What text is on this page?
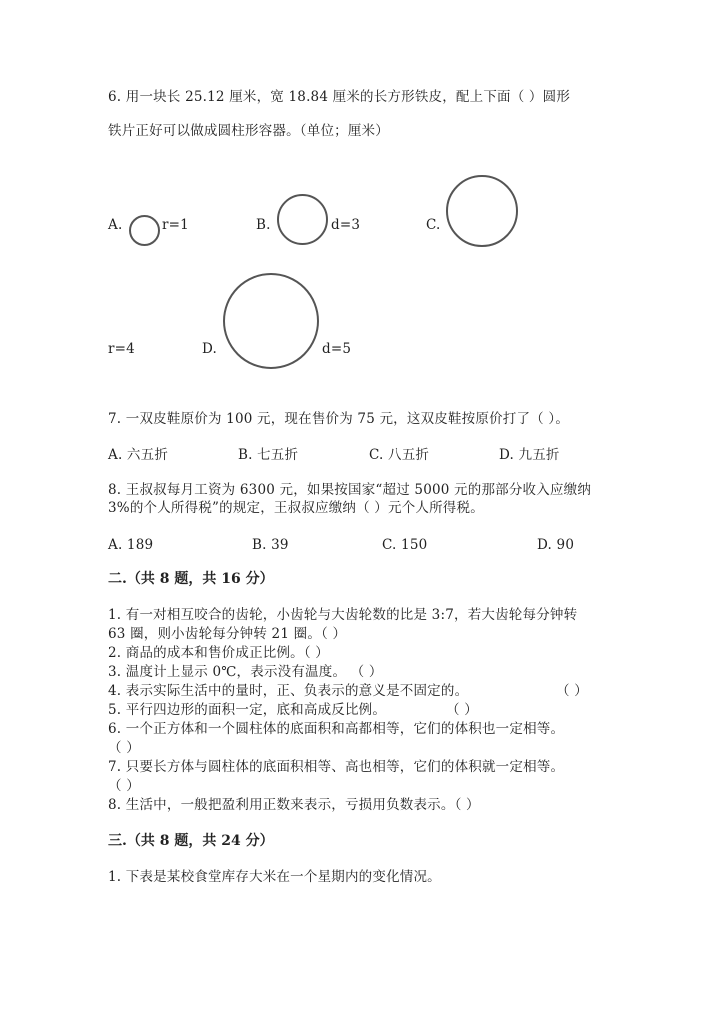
6. 用一块长 25.12 厘米，宽 18.84 厘米的长方形铁皮，配上下面（ ）圆形
铁片正好可以做成圆柱形容器。（单位；厘米）
A.	r=1	B.	d=3	C.
r=4	D.	d=5
7. 一双皮鞋原价为 100 元，现在售价为 75 元，这双皮鞋按原价打了（ ）。
A. 六五折	B. 七五折	C. 八五折	D. 九五折
8. 王叔叔每月工资为 6300 元，如果按国家“超过 5000 元的那部分收入应缴纳
3%的个人所得税”的规定，王叔叔应缴纳（ ）元个人所得税。
A. 189	B. 39	C. 150	D. 90
二.（共 8 题，共 16 分）
1. 有一对相互咬合的齿轮，小齿轮与大齿轮数的比是 3:7，若大齿轮每分钟转
63 圈，则小齿轮每分钟转 21 圈。（ ）
2. 商品的成本和售价成正比例。（ ）
3. 温度计上显示 0℃，表示没有温度。 （ ）
4. 表示实际生活中的量时，正、负表示的意义是不固定的。	（ ）
5. 平行四边形的面积一定，底和高成反比例。	（ ）
6. 一个正方体和一个圆柱体的底面积和高都相等，它们的体积也一定相等。
（ ）
7. 只要长方体与圆柱体的底面积相等、高也相等，它们的体积就一定相等。
（ ）
8. 生活中，一般把盈利用正数来表示，亏损用负数表示。（ ）
三.（共 8 题，共 24 分）
1. 下表是某校食堂库存大米在一个星期内的变化情况。
